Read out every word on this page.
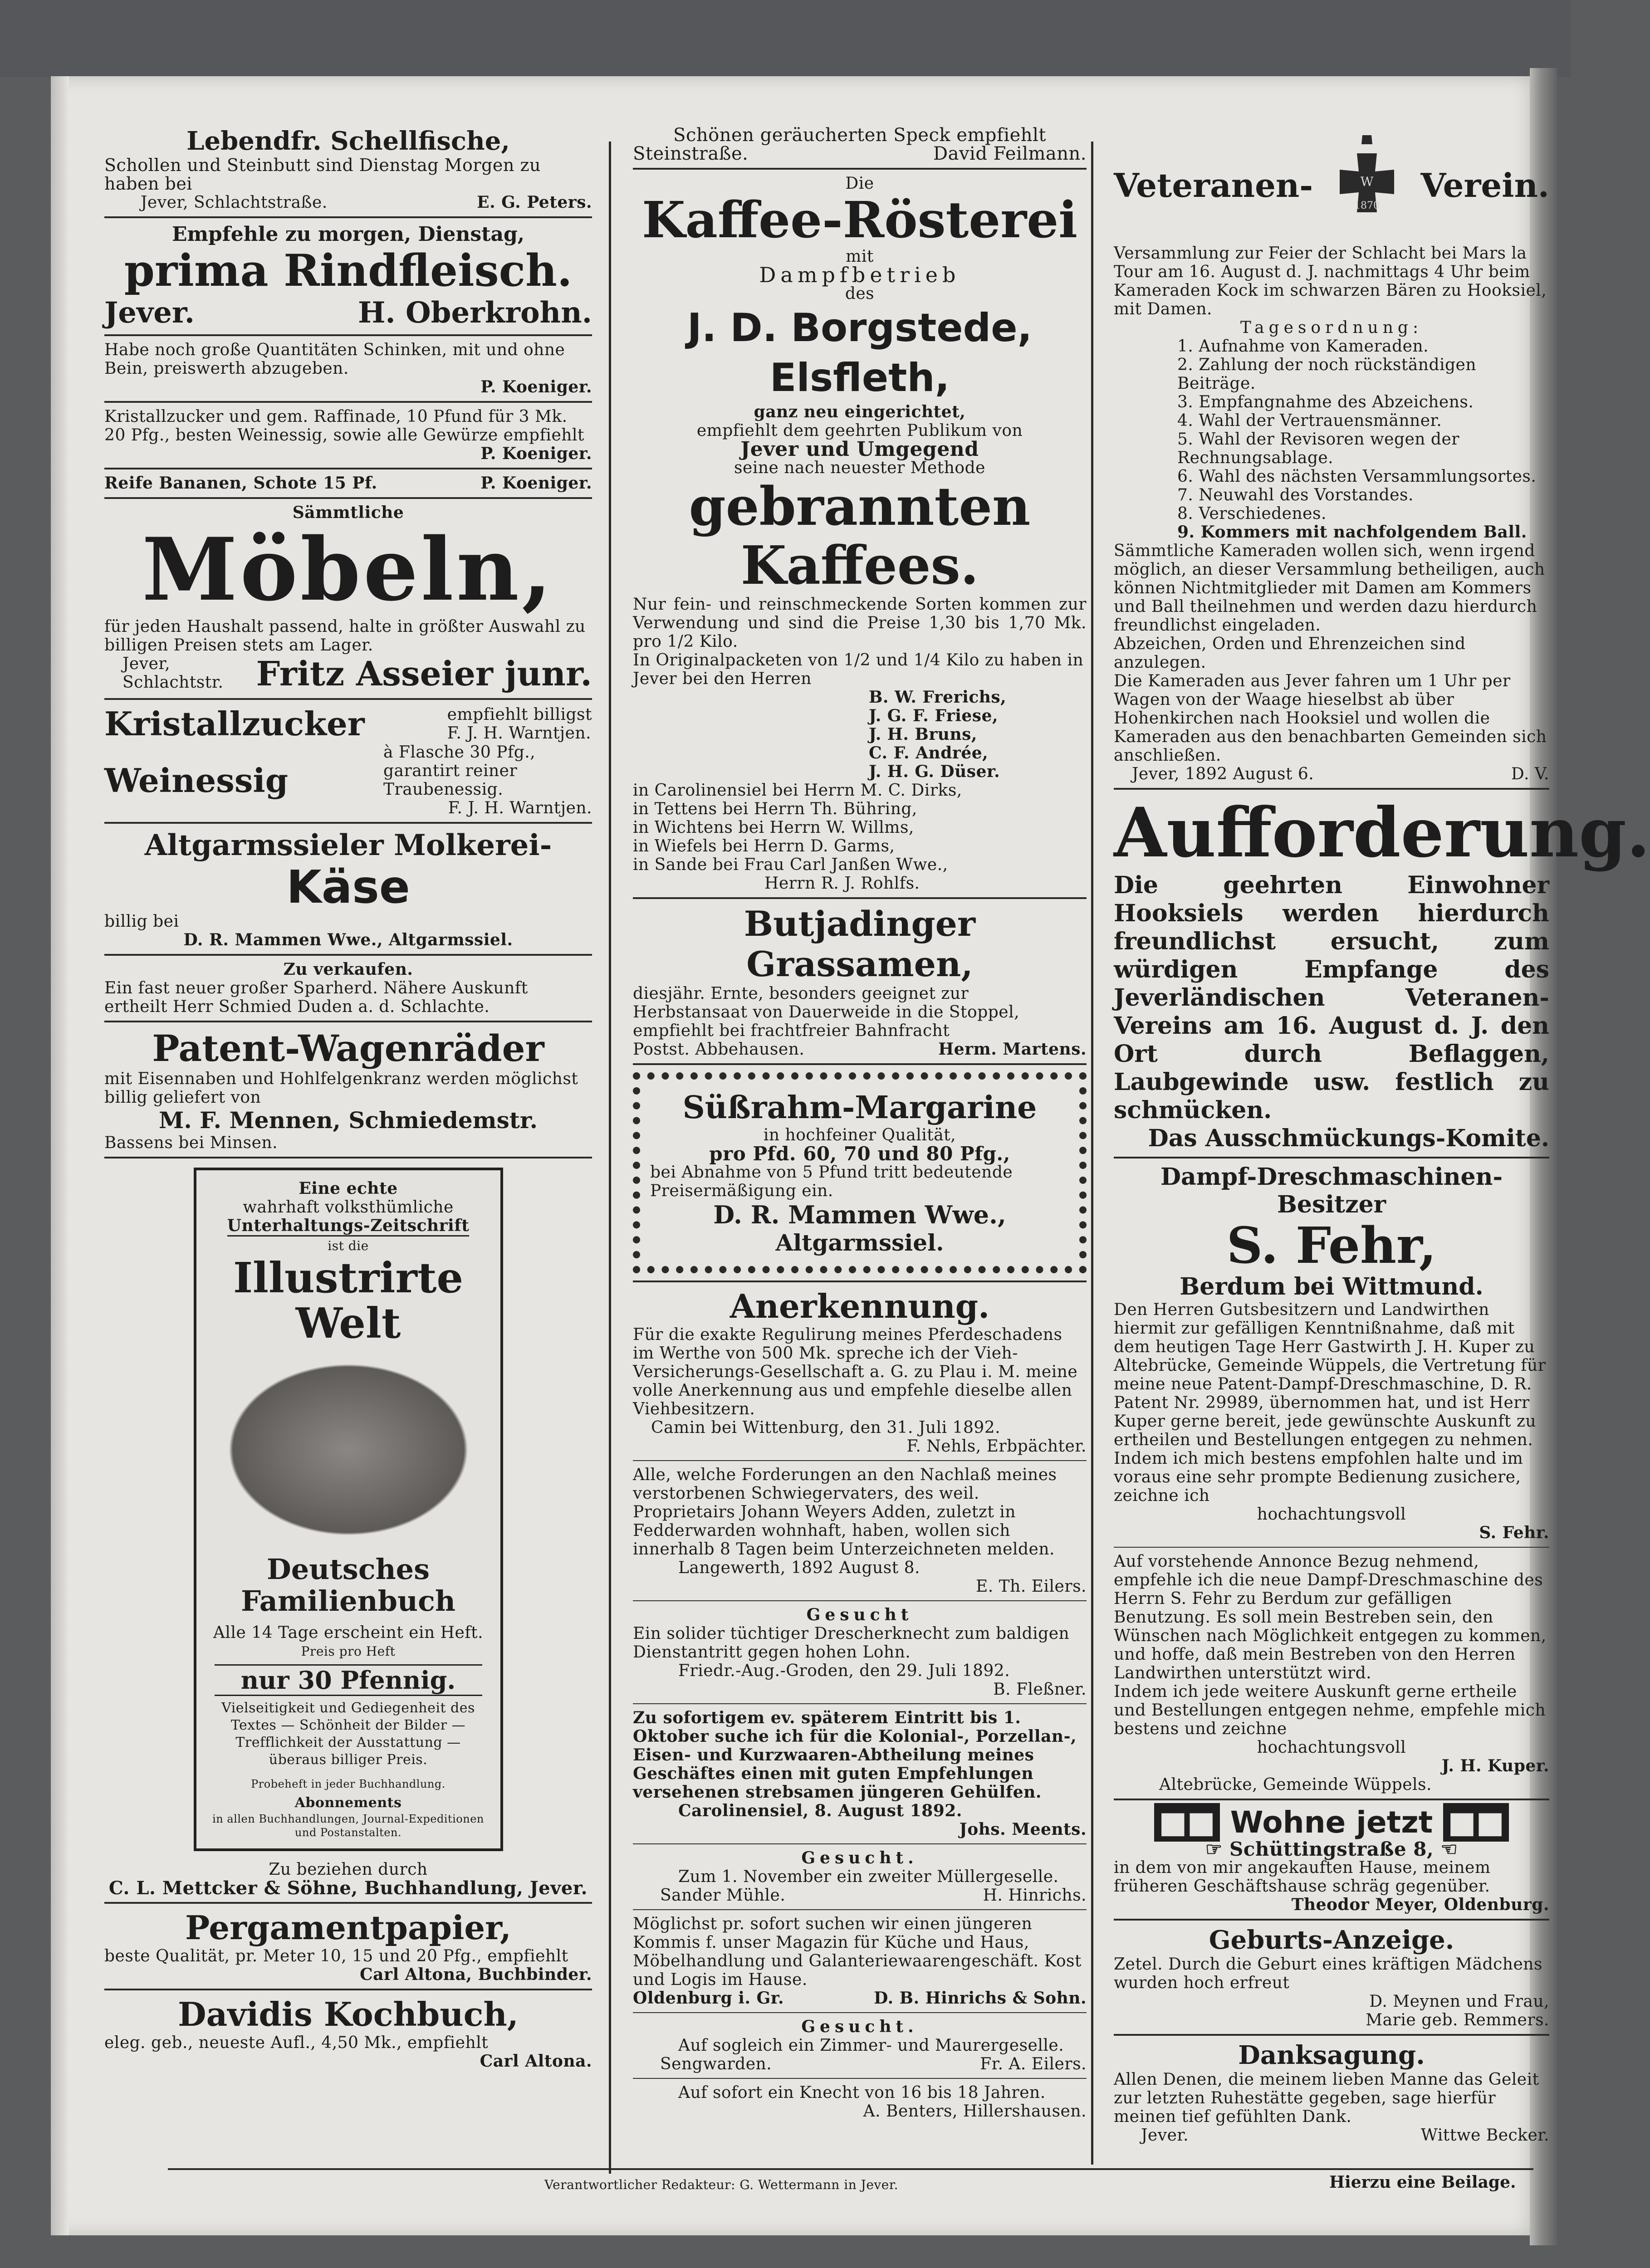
Lebendfr. Schellfische,
Schollen und Steinbutt sind Dienstag Morgen zu haben bei
Jever, Schlachtstraße.	E. G. Peters.
Empfehle zu morgen, Dienstag,
prima Rindfleisch.
Jever.	H. Oberkrohn.
Habe noch große Quantitäten Schinken, mit und ohne Bein, preiswerth abzugeben.
P. Koeniger.
Kristallzucker und gem. Raffinade, 10 Pfund für 3 Mk. 20 Pfg., besten Weinessig, sowie alle Gewürze empfiehlt
P. Koeniger.
Reife Bananen, Schote 15 Pf.	P. Koeniger.
Sämmtliche
Möbeln,
für jeden Haushalt passend, halte in größter Auswahl zu billigen Preisen stets am Lager.
Jever,
Schlachtstr. Fritz Asseier junr.
Kristallzucker	empfiehlt billigst
F. J. H. Warntjen.
Weinessig
à Flasche 30 Pfg., garantirt reiner Traubenessig.
F. J. H. Warntjen.
Altgarmssieler Molkerei-
Käse
billig bei
D. R. Mammen Wwe., Altgarmssiel.
Zu verkaufen.
Ein fast neuer großer Sparherd. Nähere Auskunft ertheilt Herr Schmied Duden a. d. Schlachte.
Patent-Wagenräder
mit Eisennaben und Hohlfelgenkranz werden möglichst billig geliefert von
M. F. Mennen, Schmiedemstr.
Bassens bei Minsen.
Eine echte
wahrhaft volksthümliche
Unterhaltungs-Zeitschrift
ist die
Illustrirte Welt
Deutsches Familienbuch
Alle 14 Tage erscheint ein Heft.
Preis pro Heft
nur 30 Pfennig.
Vielseitigkeit und Gediegenheit des Textes — Schönheit der Bilder — Trefflichkeit der Ausstattung — überaus billiger Preis.
Probeheft in jeder Buchhandlung.
Abonnements
in allen Buchhandlungen, Journal-Expeditionen und Postanstalten.
Zu beziehen durch
C. L. Mettcker & Söhne, Buchhandlung, Jever.
Pergamentpapier,
beste Qualität, pr. Meter 10, 15 und 20 Pfg., empfiehlt
Carl Altona, Buchbinder.
Davidis Kochbuch,
eleg. geb., neueste Aufl., 4,50 Mk., empfiehlt
Carl Altona.
Schönen geräucherten Speck empfiehlt
Steinstraße.	David Feilmann.
Die
Kaffee-Rösterei
mit
Dampfbetrieb
des
J. D. Borgstede, Elsfleth,
ganz neu eingerichtet,
empfiehlt dem geehrten Publikum von
Jever und Umgegend
seine nach neuester Methode
gebrannten Kaffees.
Nur fein- und reinschmeckende Sorten kommen zur Verwendung und sind die Preise 1,30 bis 1,70 Mk. pro 1/2 Kilo.
In Originalpacketen von 1/2 und 1/4 Kilo zu haben in Jever bei den Herren
B. W. Frerichs,
J. G. F. Friese,
J. H. Bruns,
C. F. Andrée,
J. H. G. Düser.
in Carolinensiel bei Herrn M. C. Dirks,
in Tettens bei Herrn Th. Bühring,
in Wichtens bei Herrn W. Willms,
in Wiefels bei Herrn D. Garms,
in Sande bei Frau Carl Janßen Wwe.,
Herrn R. J. Rohlfs.
Butjadinger Grassamen,
diesjähr. Ernte, besonders geeignet zur Herbstansaat von Dauerweide in die Stoppel, empfiehlt bei frachtfreier Bahnfracht
Postst. Abbehausen.	Herm. Martens.
Süßrahm-Margarine
in hochfeiner Qualität,
pro Pfd. 60, 70 und 80 Pfg.,
bei Abnahme von 5 Pfund tritt bedeutende Preisermäßigung ein.
D. R. Mammen Wwe.,
Altgarmssiel.
Anerkennung.
Für die exakte Regulirung meines Pferdeschadens im Werthe von 500 Mk. spreche ich der Vieh-Versicherungs-Gesellschaft a. G. zu Plau i. M. meine volle Anerkennung aus und empfehle dieselbe allen Viehbesitzern.
Camin bei Wittenburg, den 31. Juli 1892.
F. Nehls, Erbpächter.
Alle, welche Forderungen an den Nachlaß meines verstorbenen Schwiegervaters, des weil. Proprietairs Johann Weyers Adden, zuletzt in Fedderwarden wohnhaft, haben, wollen sich innerhalb 8 Tagen beim Unterzeichneten melden.
Langewerth, 1892 August 8.
E. Th. Eilers.
Gesucht
Ein solider tüchtiger Drescherknecht zum baldigen Dienstantritt gegen hohen Lohn.
Friedr.-Aug.-Groden, den 29. Juli 1892.
B. Fleßner.
Zu sofortigem ev. späterem Eintritt bis 1. Oktober suche ich für die Kolonial-, Porzellan-, Eisen- und Kurzwaaren-Abtheilung meines Geschäftes einen mit guten Empfehlungen versehenen strebsamen jüngeren Gehülfen.
Carolinensiel, 8. August 1892.
Johs. Meents.
Gesucht.
Zum 1. November ein zweiter Müllergeselle.
Sander Mühle.	H. Hinrichs.
Möglichst pr. sofort suchen wir einen jüngeren Kommis f. unser Magazin für Küche und Haus, Möbelhandlung und Galanteriewaarengeschäft. Kost und Logis im Hause.
Oldenburg i. Gr.	D. B. Hinrichs & Sohn.
Gesucht.
Auf sogleich ein Zimmer- und Maurergeselle.
Sengwarden.	Fr. A. Eilers.
Auf sofort ein Knecht von 16 bis 18 Jahren.
A. Benters, Hillershausen.
Veteranen-	W
1870
Verein.
Versammlung zur Feier der Schlacht bei Mars la Tour am 16. August d. J. nachmittags 4 Uhr beim Kameraden Kock im schwarzen Bären zu Hooksiel, mit Damen.
Tagesordnung:
1. Aufnahme von Kameraden.
2. Zahlung der noch rückständigen Beiträge.
3. Empfangnahme des Abzeichens.
4. Wahl der Vertrauensmänner.
5. Wahl der Revisoren wegen der Rechnungsablage.
6. Wahl des nächsten Versammlungsortes.
7. Neuwahl des Vorstandes.
8. Verschiedenes.
9. Kommers mit nachfolgendem Ball.
Sämmtliche Kameraden wollen sich, wenn irgend möglich, an dieser Versammlung betheiligen, auch können Nichtmitglieder mit Damen am Kommers und Ball theilnehmen und werden dazu hierdurch freundlichst eingeladen.
Abzeichen, Orden und Ehrenzeichen sind anzulegen.
Die Kameraden aus Jever fahren um 1 Uhr per Wagen von der Waage hieselbst ab über Hohenkirchen nach Hooksiel und wollen die Kameraden aus den benachbarten Gemeinden sich anschließen.
Jever, 1892 August 6.	D. V.
Aufforderung.
Die geehrten Einwohner Hooksiels werden hierdurch freundlichst ersucht, zum würdigen Empfange des Jeverländischen Veteranen-Vereins am 16. August d. J. den Ort durch Beflaggen, Laubgewinde usw. festlich zu schmücken.
Das Ausschmückungs-Komite.
Dampf-Dreschmaschinen-Besitzer
S. Fehr,
Berdum bei Wittmund.
Den Herren Gutsbesitzern und Landwirthen hiermit zur gefälligen Kenntnißnahme, daß mit dem heutigen Tage Herr Gastwirth J. H. Kuper zu Altebrücke, Gemeinde Wüppels, die Vertretung für meine neue Patent-Dampf-Dreschmaschine, D. R. Patent Nr. 29989, übernommen hat, und ist Herr Kuper gerne bereit, jede gewünschte Auskunft zu ertheilen und Bestellungen entgegen zu nehmen.
Indem ich mich bestens empfohlen halte und im voraus eine sehr prompte Bedienung zusichere, zeichne ich
hochachtungsvoll
S. Fehr.
Auf vorstehende Annonce Bezug nehmend, empfehle ich die neue Dampf-Dreschmaschine des Herrn S. Fehr zu Berdum zur gefälligen Benutzung. Es soll mein Bestreben sein, den Wünschen nach Möglichkeit entgegen zu kommen, und hoffe, daß mein Bestreben von den Herren Landwirthen unterstützt wird.
Indem ich jede weitere Auskunft gerne ertheile und Bestellungen entgegen nehme, empfehle mich bestens und zeichne
hochachtungsvoll
J. H. Kuper.
Altebrücke, Gemeinde Wüppels.
■■ Wohne jetzt ■■
☞ Schüttingstraße 8, ☜
in dem von mir angekauften Hause, meinem früheren Geschäftshause schräg gegenüber.
Theodor Meyer, Oldenburg.
Geburts-Anzeige.
Zetel. Durch die Geburt eines kräftigen Mädchens wurden hoch erfreut
D. Meynen und Frau,
Marie geb. Remmers.
Danksagung.
Allen Denen, die meinem lieben Manne das Geleit zur letzten Ruhestätte gegeben, sage hierfür meinen tief gefühlten Dank.
Jever.	Wittwe Becker.
Verantwortlicher Redakteur: G. Wettermann in Jever.	Hierzu eine Beilage.
